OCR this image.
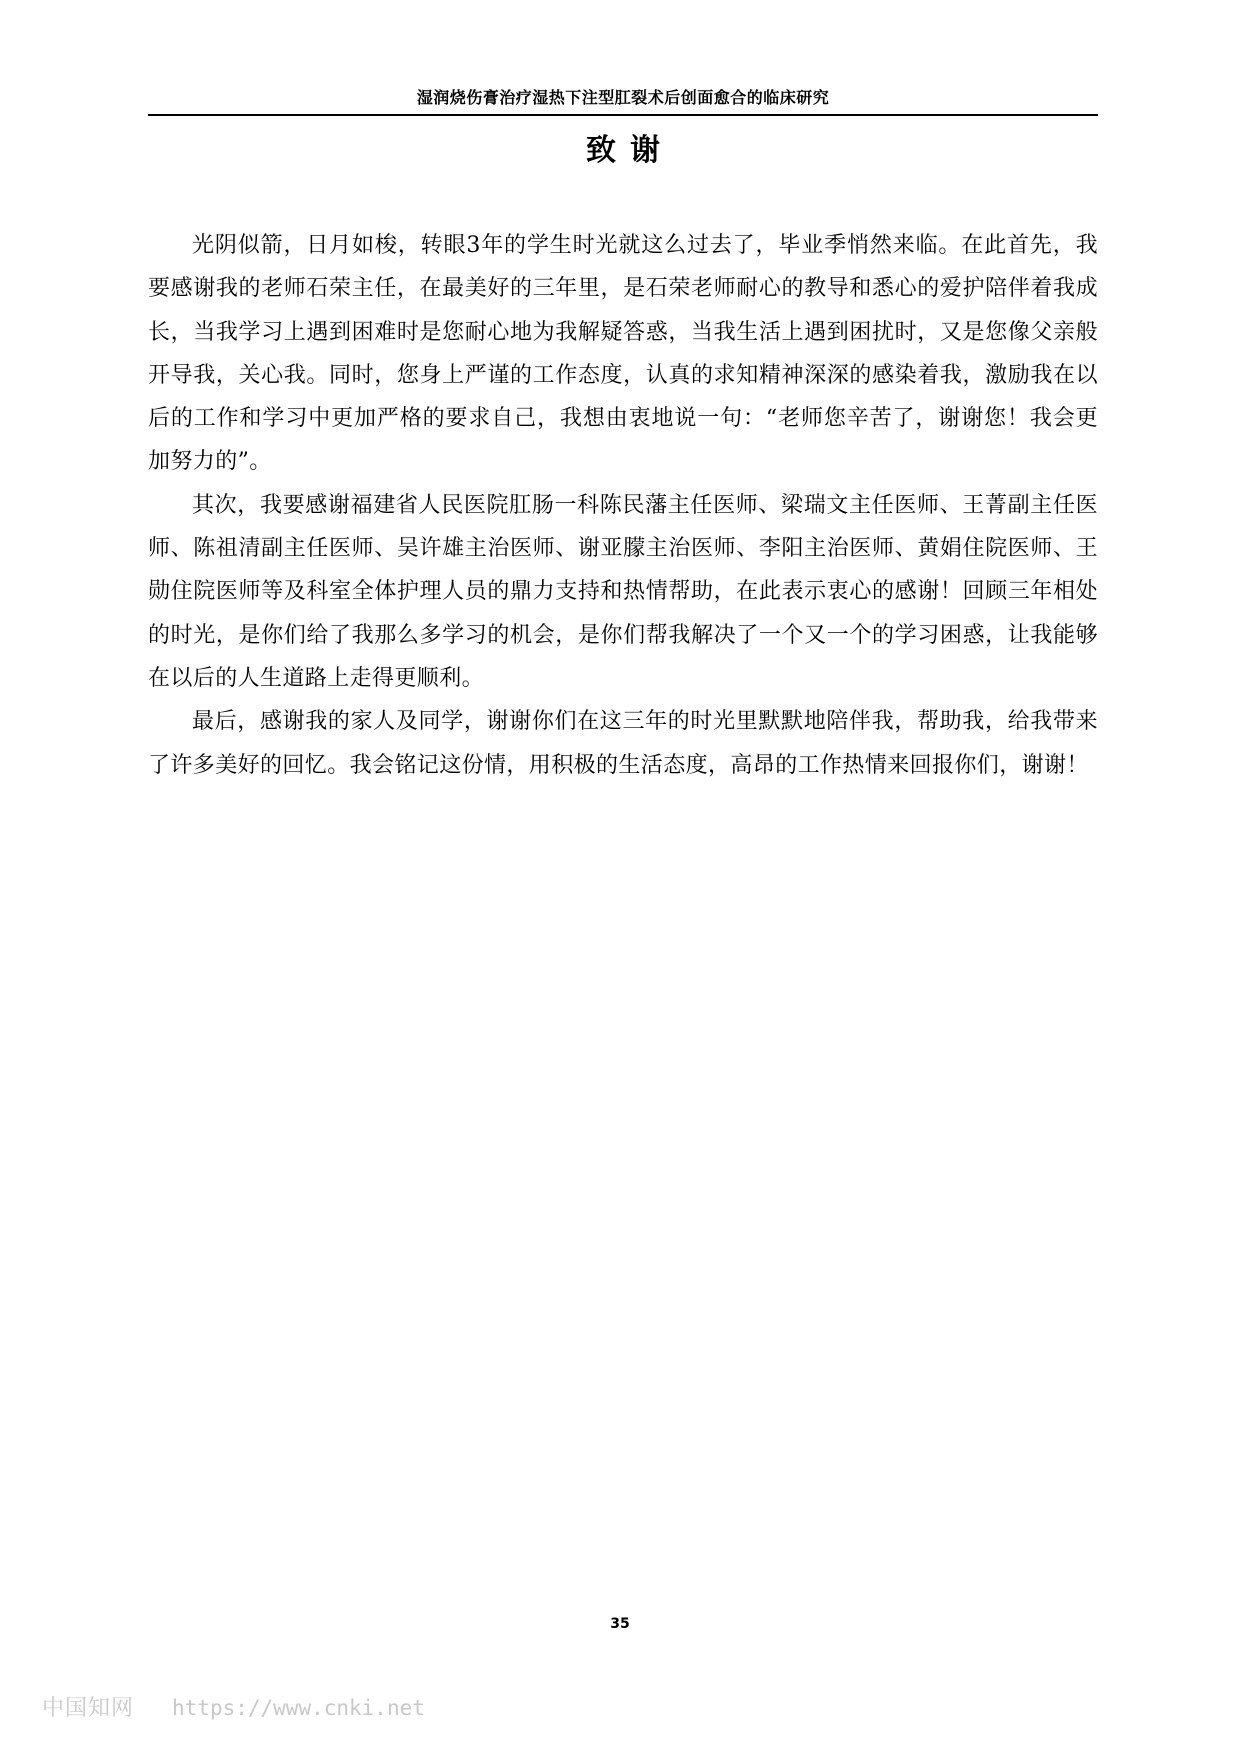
湿润烧伤膏治疗湿热下注型肛裂术后创面愈合的临床研究
致谢

光阴似箭，日月如梭，转眼3年的学生时光就这么过去了，毕业季悄然来临。在此首先，我要感谢我的老师石荣主任，在最美好的三年里，是石荣老师耐心的教导和悉心的爱护陪伴着我成长，当我学习上遇到困难时是您耐心地为我解疑答惑，当我生活上遇到困扰时，又是您像父亲般开导我，关心我。同时，您身上严谨的工作态度，认真的求知精神深深的感染着我，激励我在以后的工作和学习中更加严格的要求自己，我想由衷地说一句：“老师您辛苦了，谢谢您！我会更加努力的”。

其次，我要感谢福建省人民医院肛肠一科陈民藩主任医师、梁瑞文主任医师、王菁副主任医师、陈祖清副主任医师、吴许雄主治医师、谢亚朦主治医师、李阳主治医师、黄娟住院医师、王勋住院医师等及科室全体护理人员的鼎力支持和热情帮助，在此表示衷心的感谢！回顾三年相处的时光，是你们给了我那么多学习的机会，是你们帮我解决了一个又一个的学习困惑，让我能够在以后的人生道路上走得更顺利。

最后，感谢我的家人及同学，谢谢你们在这三年的时光里默默地陪伴我，帮助我，给我带来了许多美好的回忆。我会铭记这份情，用积极的生活态度，高昂的工作热情来回报你们，谢谢！

35
中国知网 https://www.cnki.net
